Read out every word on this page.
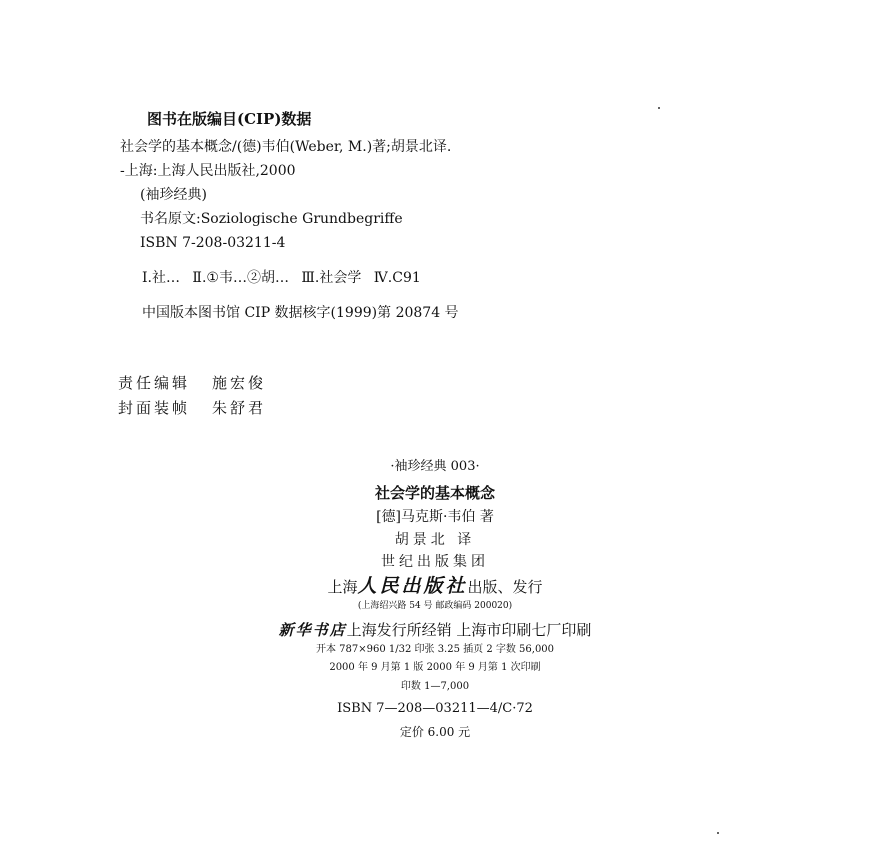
图书在版编目(CIP)数据
社会学的基本概念/(德)韦伯(Weber, M.)著;胡景北译.
-上海:上海人民出版社,2000
(袖珍经典)
书名原文:Soziologische Grundbegriffe
ISBN 7-208-03211-4
Ⅰ.社… Ⅱ.①韦…②胡… Ⅲ.社会学 Ⅳ.C91
中国版本图书馆 CIP 数据核字(1999)第 20874 号
责任编辑 施宏俊
封面装帧 朱舒君
·袖珍经典 003·
社会学的基本概念
[德]马克斯·韦伯 著
胡景北 译
世纪出版集团
上海人民出版社出版、发行
(上海绍兴路 54 号 邮政编码 200020)
新华书店上海发行所经销 上海市印刷七厂印刷
开本 787×960 1/32 印张 3.25 插页 2 字数 56,000
2000 年 9 月第 1 版 2000 年 9 月第 1 次印刷
印数 1—7,000
ISBN 7—208—03211—4/C·72
定价 6.00 元
